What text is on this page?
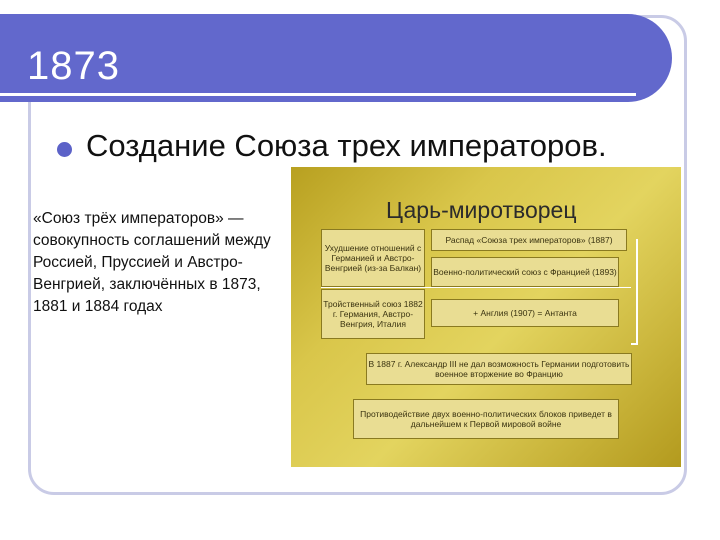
1873
Создание Союза трех императоров.
«Союз трёх императоров» — совокупность соглашений между Россией, Пруссией и Австро-Венгрией, заключённых в 1873, 1881 и 1884 годах
Царь-миротворец
Ухудшение отношений с Германией и Австро-Венгрией (из-за Балкан)
Распад «Союза трех императоров» (1887)
Военно-политический союз с Францией (1893)
Тройственный союз 1882 г. Германия, Австро-Венгрия, Италия
+ Англия (1907) = Антанта
В 1887 г. Александр III не дал возможность Германии подготовить военное вторжение во Францию
Противодействие двух военно-политических блоков приведет в дальнейшем к Первой мировой войне
